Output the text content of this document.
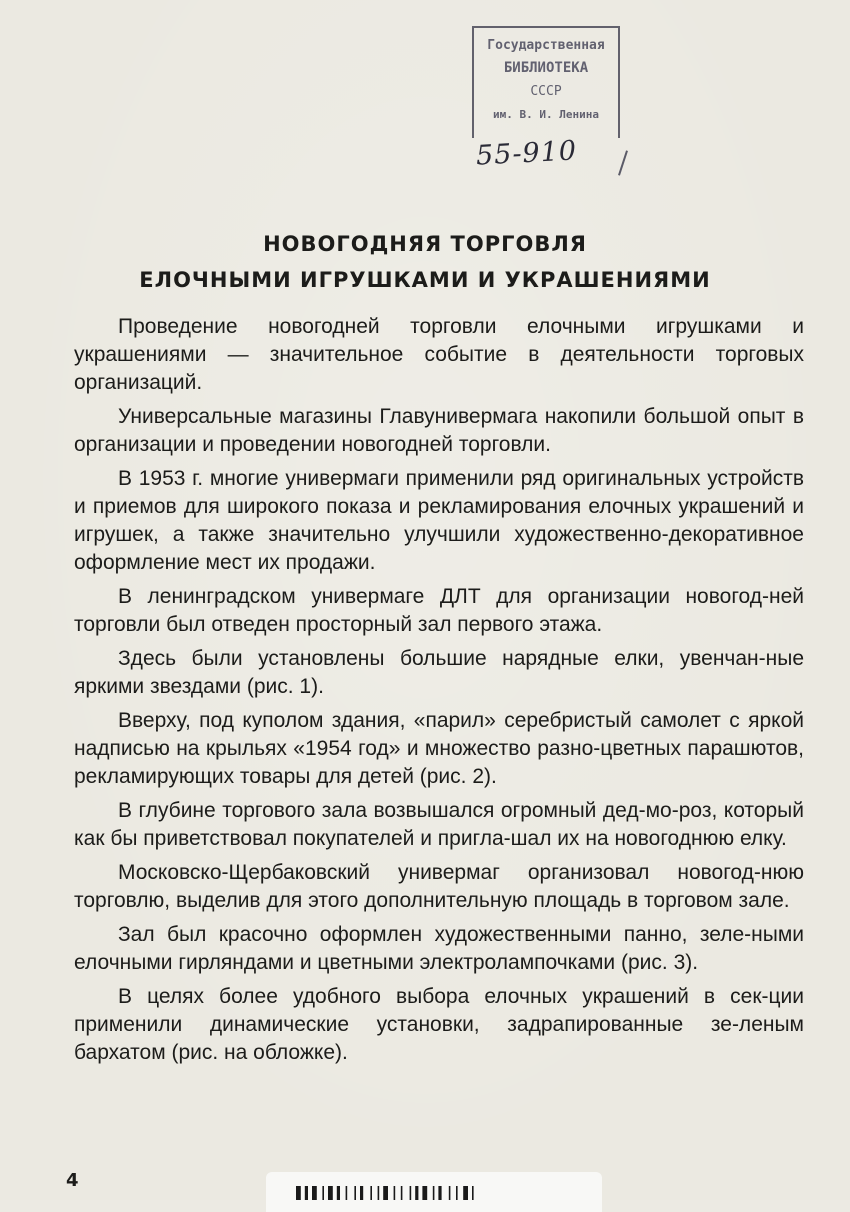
Государственная
БИБЛИОТЕКА
СССР
им. В. И. Ленина
55-910
НОВОГОДНЯЯ ТОРГОВЛЯ
ЕЛОЧНЫМИ ИГРУШКАМИ И УКРАШЕНИЯМИ

Проведение новогодней торговли елочными игрушками и украшениями — значительное событие в деятельности торговых организаций.

Универсальные магазины Главунивермага накопили большой опыт в организации и проведении новогодней торговли.

В 1953 г. многие универмаги применили ряд оригинальных устройств и приемов для широкого показа и рекламирования елочных украшений и игрушек, а также значительно улучшили художественно-декоративное оформление мест их продажи.

В ленинградском универмаге ДЛТ для организации новогод-ней торговли был отведен просторный зал первого этажа.

Здесь были установлены большие нарядные елки, увенчан-ные яркими звездами (рис. 1).

Вверху, под куполом здания, «парил» серебристый самолет с яркой надписью на крыльях «1954 год» и множество разно-цветных парашютов, рекламирующих товары для детей (рис. 2).

В глубине торгового зала возвышался огромный дед-мо-роз, который как бы приветствовал покупателей и пригла-шал их на новогоднюю елку.

Московско-Щербаковский универмаг организовал новогод-нюю торговлю, выделив для этого дополнительную площадь в торговом зале.

Зал был красочно оформлен художественными панно, зеле-ными елочными гирляндами и цветными электролампочками (рис. 3).

В целях более удобного выбора елочных украшений в сек-ции применили динамические установки, задрапированные зе-леным бархатом (рис. на обложке).

4
